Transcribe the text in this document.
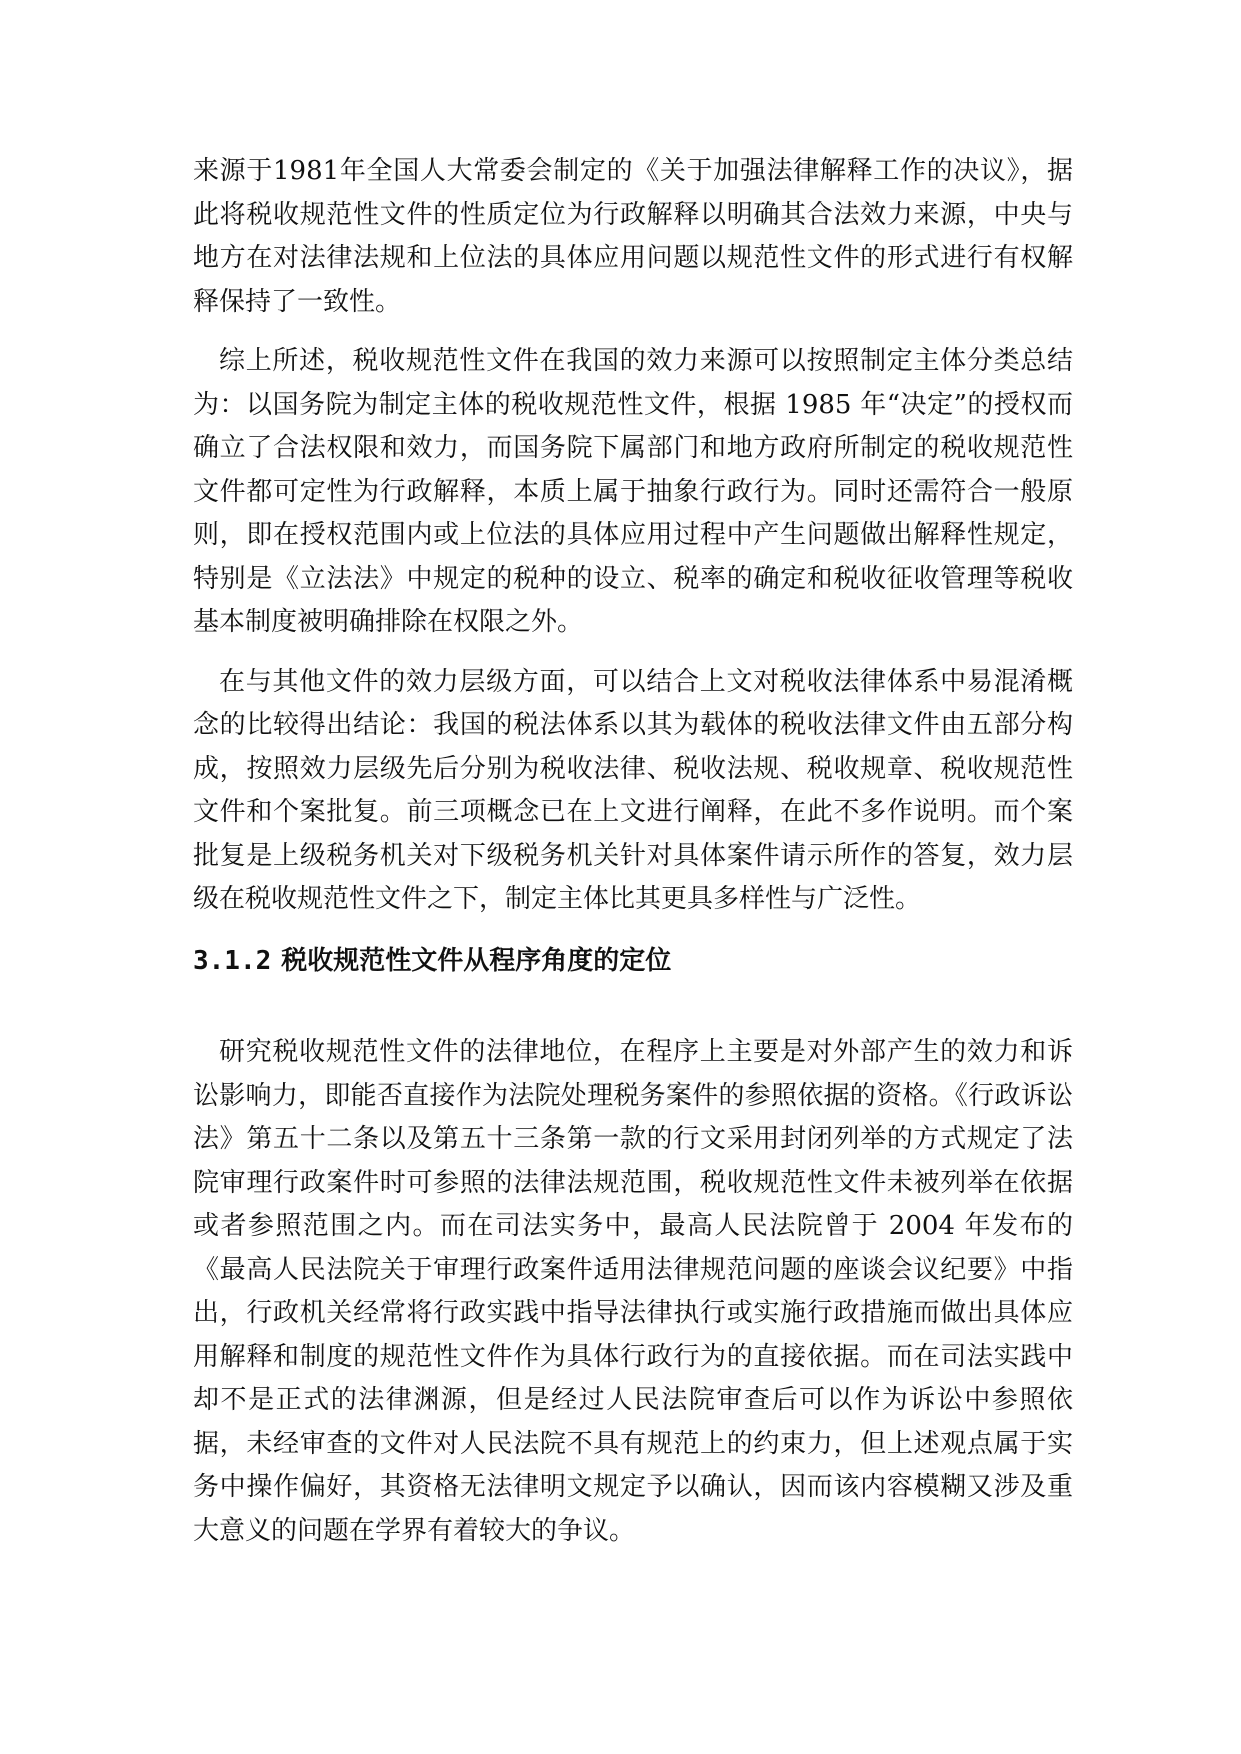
来源于1981年全国人大常委会制定的《关于加强法律解释工作的决议》，据此将税收规范性文件的性质定位为行政解释以明确其合法效力来源，中央与地方在对法律法规和上位法的具体应用问题以规范性文件的形式进行有权解释保持了一致性。

综上所述，税收规范性文件在我国的效力来源可以按照制定主体分类总结为：以国务院为制定主体的税收规范性文件，根据 1985 年“决定”的授权而确立了合法权限和效力，而国务院下属部门和地方政府所制定的税收规范性文件都可定性为行政解释，本质上属于抽象行政行为。同时还需符合一般原则，即在授权范围内或上位法的具体应用过程中产生问题做出解释性规定，特别是《立法法》中规定的税种的设立、税率的确定和税收征收管理等税收基本制度被明确排除在权限之外。

在与其他文件的效力层级方面，可以结合上文对税收法律体系中易混淆概念的比较得出结论：我国的税法体系以其为载体的税收法律文件由五部分构成，按照效力层级先后分别为税收法律、税收法规、税收规章、税收规范性文件和个案批复。前三项概念已在上文进行阐释，在此不多作说明。而个案批复是上级税务机关对下级税务机关针对具体案件请示所作的答复，效力层级在税收规范性文件之下，制定主体比其更具多样性与广泛性。

3.1.2 税收规范性文件从程序角度的定位

研究税收规范性文件的法律地位，在程序上主要是对外部产生的效力和诉讼影响力，即能否直接作为法院处理税务案件的参照依据的资格。《行政诉讼法》第五十二条以及第五十三条第一款的行文采用封闭列举的方式规定了法院审理行政案件时可参照的法律法规范围，税收规范性文件未被列举在依据或者参照范围之内。而在司法实务中，最高人民法院曾于 2004 年发布的《最高人民法院关于审理行政案件适用法律规范问题的座谈会议纪要》中指出，行政机关经常将行政实践中指导法律执行或实施行政措施而做出具体应用解释和制度的规范性文件作为具体行政行为的直接依据。而在司法实践中却不是正式的法律渊源，但是经过人民法院审查后可以作为诉讼中参照依据，未经审查的文件对人民法院不具有规范上的约束力，但上述观点属于实务中操作偏好，其资格无法律明文规定予以确认，因而该内容模糊又涉及重大意义的问题在学界有着较大的争议。
